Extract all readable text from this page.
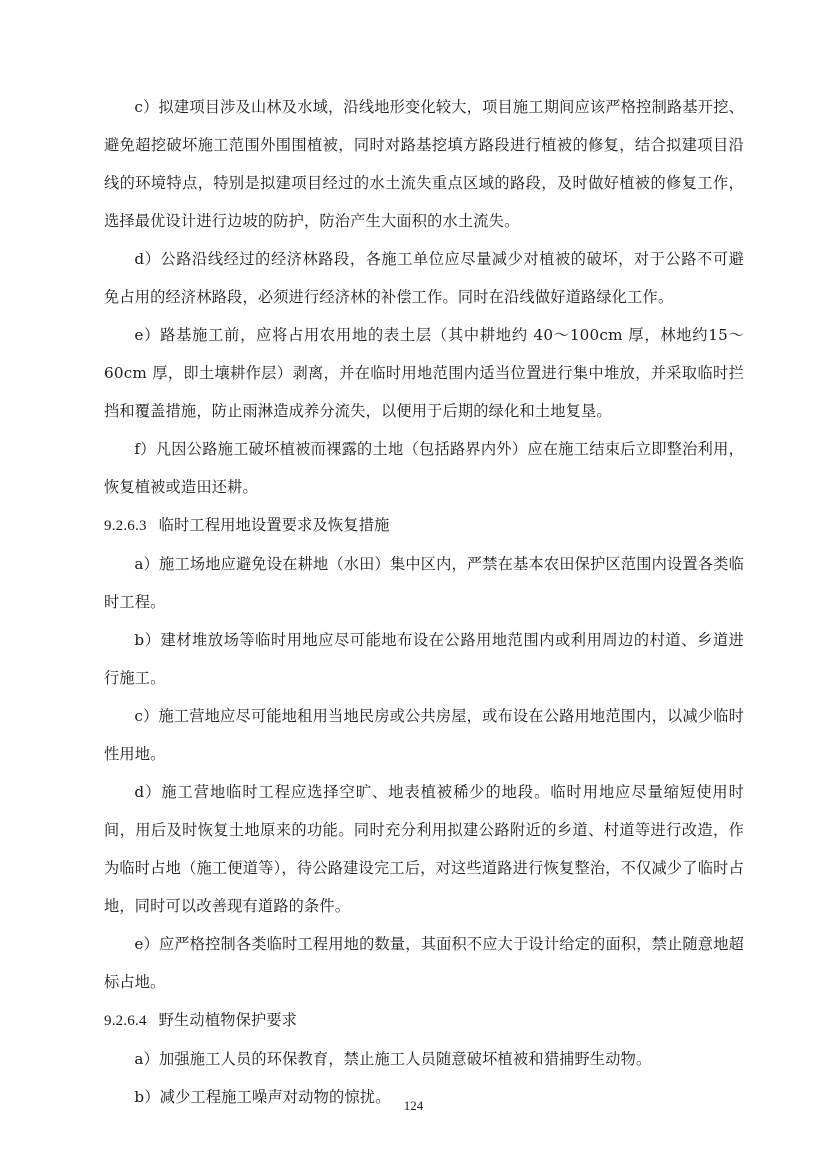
c）拟建项目涉及山林及水域，沿线地形变化较大，项目施工期间应该严格控制路基开挖、避免超挖破坏施工范围外围围植被，同时对路基挖填方路段进行植被的修复，结合拟建项目沿线的环境特点，特别是拟建项目经过的水土流失重点区域的路段，及时做好植被的修复工作，选择最优设计进行边坡的防护，防治产生大面积的水土流失。

d）公路沿线经过的经济林路段，各施工单位应尽量减少对植被的破坏，对于公路不可避免占用的经济林路段，必须进行经济林的补偿工作。同时在沿线做好道路绿化工作。

e）路基施工前，应将占用农用地的表土层（其中耕地约 40～100cm 厚，林地约15～60cm 厚，即土壤耕作层）剥离，并在临时用地范围内适当位置进行集中堆放，并采取临时拦挡和覆盖措施，防止雨淋造成养分流失，以便用于后期的绿化和土地复垦。

f）凡因公路施工破坏植被而裸露的土地（包括路界内外）应在施工结束后立即整治利用，恢复植被或造田还耕。

9.2.6.3 临时工程用地设置要求及恢复措施

a）施工场地应避免设在耕地（水田）集中区内，严禁在基本农田保护区范围内设置各类临时工程。

b）建材堆放场等临时用地应尽可能地布设在公路用地范围内或利用周边的村道、乡道进行施工。

c）施工营地应尽可能地租用当地民房或公共房屋，或布设在公路用地范围内，以减少临时性用地。

d）施工营地临时工程应选择空旷、地表植被稀少的地段。临时用地应尽量缩短使用时间，用后及时恢复土地原来的功能。同时充分利用拟建公路附近的乡道、村道等进行改造，作为临时占地（施工便道等），待公路建设完工后，对这些道路进行恢复整治，不仅减少了临时占地，同时可以改善现有道路的条件。

e）应严格控制各类临时工程用地的数量，其面积不应大于设计给定的面积，禁止随意地超标占地。

9.2.6.4 野生动植物保护要求

a）加强施工人员的环保教育，禁止施工人员随意破坏植被和猎捕野生动物。

b）减少工程施工噪声对动物的惊扰。	124
